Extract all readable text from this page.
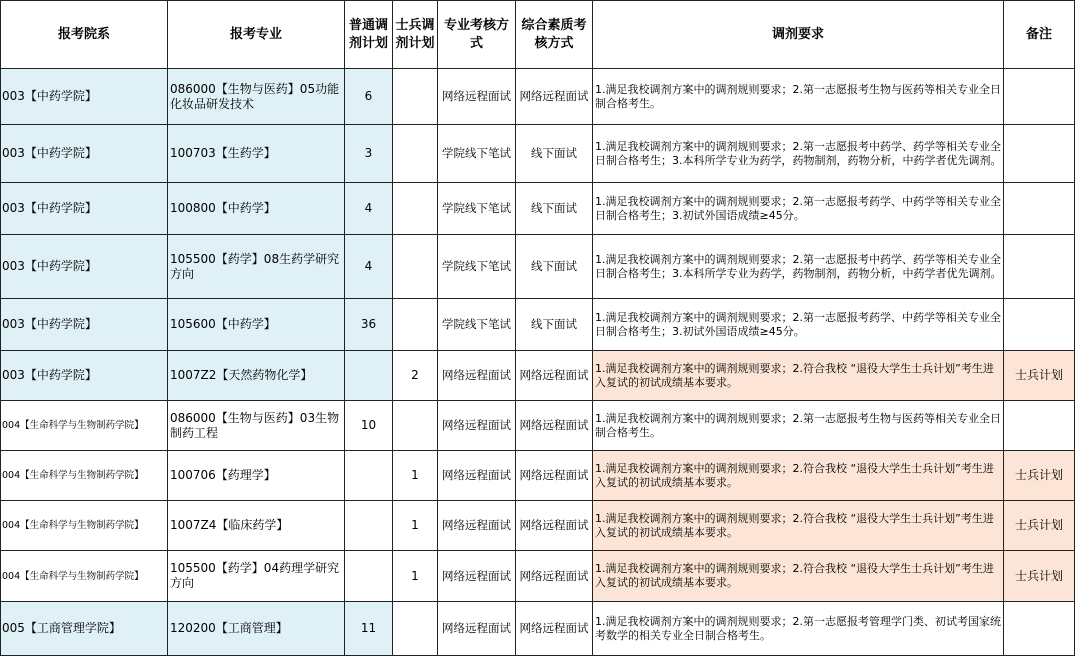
报考院系	报考专业	普通调剂计划	士兵调剂计划	专业考核方式	综合素质考核方式	调剂要求	备注
003【中药学院】	086000【生物与医药】05功能化妆品研发技术	6		网络远程面试	网络远程面试	1.满足我校调剂方案中的调剂规则要求；2.第一志愿报考生物与医药等相关专业全日制合格考生。	
003【中药学院】	100703【生药学】	3		学院线下笔试	线下面试	1.满足我校调剂方案中的调剂规则要求；2.第一志愿报考中药学、药学等相关专业全日制合格考生；3.本科所学专业为药学，药物制剂，药物分析，中药学者优先调剂。	
003【中药学院】	100800【中药学】	4		学院线下笔试	线下面试	1.满足我校调剂方案中的调剂规则要求；2.第一志愿报考药学、中药学等相关专业全日制合格考生；3.初试外国语成绩≥45分。	
003【中药学院】	105500【药学】08生药学研究方向	4		学院线下笔试	线下面试	1.满足我校调剂方案中的调剂规则要求；2.第一志愿报考中药学、药学等相关专业全日制合格考生；3.本科所学专业为药学，药物制剂，药物分析，中药学者优先调剂。	
003【中药学院】	105600【中药学】	36		学院线下笔试	线下面试	1.满足我校调剂方案中的调剂规则要求；2.第一志愿报考药学、中药学等相关专业全日制合格考生；3.初试外国语成绩≥45分。	
003【中药学院】	1007Z2【天然药物化学】		2	网络远程面试	网络远程面试	1.满足我校调剂方案中的调剂规则要求；2.符合我校 “退役大学生士兵计划”考生进入复试的初试成绩基本要求。	士兵计划
004【生命科学与生物制药学院】	086000【生物与医药】03生物制药工程	10		网络远程面试	网络远程面试	1.满足我校调剂方案中的调剂规则要求；2.第一志愿报考生物与医药等相关专业全日制合格考生。	
004【生命科学与生物制药学院】	100706【药理学】		1	网络远程面试	网络远程面试	1.满足我校调剂方案中的调剂规则要求；2.符合我校 “退役大学生士兵计划”考生进入复试的初试成绩基本要求。	士兵计划
004【生命科学与生物制药学院】	1007Z4【临床药学】		1	网络远程面试	网络远程面试	1.满足我校调剂方案中的调剂规则要求；2.符合我校 “退役大学生士兵计划”考生进入复试的初试成绩基本要求。	士兵计划
004【生命科学与生物制药学院】	105500【药学】04药理学研究方向		1	网络远程面试	网络远程面试	1.满足我校调剂方案中的调剂规则要求；2.符合我校 “退役大学生士兵计划”考生进入复试的初试成绩基本要求。	士兵计划
005【工商管理学院】	120200【工商管理】	11		网络远程面试	网络远程面试	1.满足我校调剂方案中的调剂规则要求；2.第一志愿报考管理学门类、初试考国家统考数学的相关专业全日制合格考生。	
